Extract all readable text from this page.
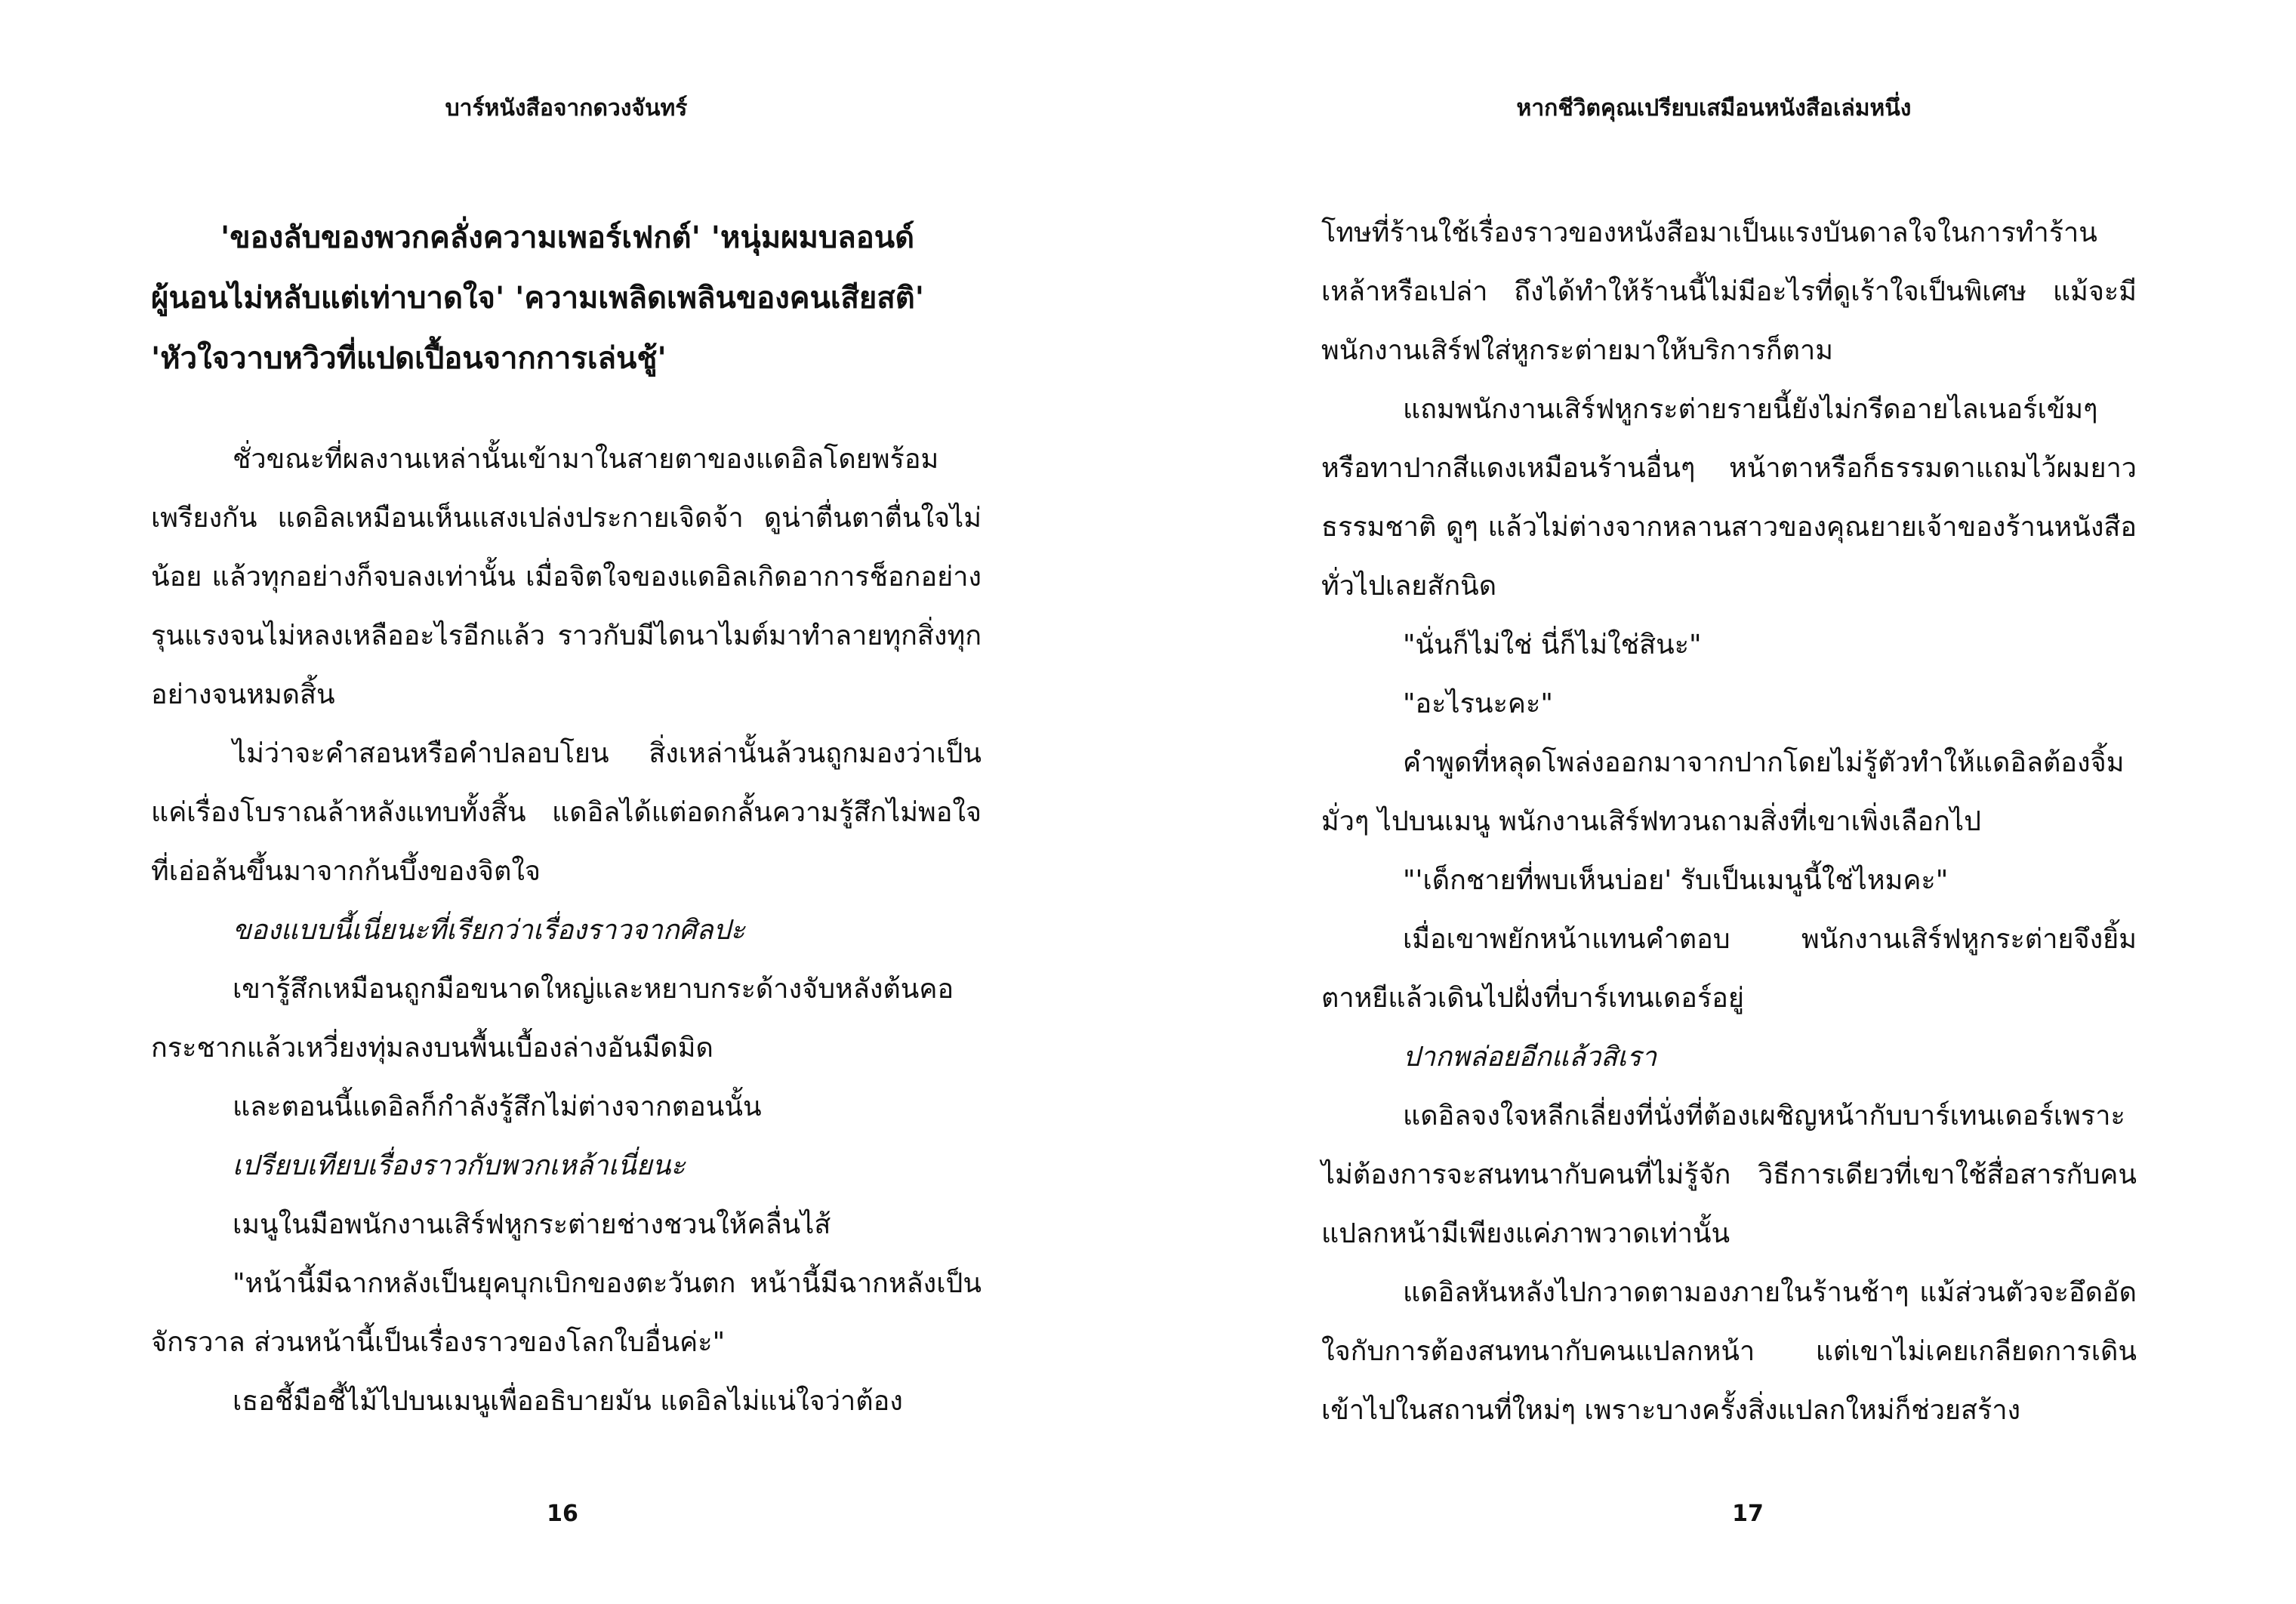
บาร์หนังสือจากดวงจันทร์

'ของลับของพวกคลั่งความเพอร์เฟกต์' 'หนุ่มผมบลอนด์
ผู้นอนไม่หลับแต่เท่าบาดใจ' 'ความเพลิดเพลินของคนเสียสติ'
'หัวใจวาบหวิวที่แปดเปื้อนจากการเล่นชู้'

ชั่วขณะที่ผลงานเหล่านั้นเข้ามาในสายตาของแดอิลโดยพร้อมเพรียงกัน แดอิลเหมือนเห็นแสงเปล่งประกายเจิดจ้า ดูน่าตื่นตาตื่นใจไม่น้อย แล้วทุกอย่างก็จบลงเท่านั้น เมื่อจิตใจของแดอิลเกิดอาการช็อกอย่างรุนแรงจนไม่หลงเหลืออะไรอีกแล้ว ราวกับมีไดนาไมต์มาทำลายทุกสิ่งทุกอย่างจนหมดสิ้น

ไม่ว่าจะคำสอนหรือคำปลอบโยน สิ่งเหล่านั้นล้วนถูกมองว่าเป็นแค่เรื่องโบราณล้าหลังแทบทั้งสิ้น แดอิลได้แต่อดกลั้นความรู้สึกไม่พอใจที่เอ่อล้นขึ้นมาจากก้นบึ้งของจิตใจ

ของแบบนี้เนี่ยนะที่เรียกว่าเรื่องราวจากศิลปะ

เขารู้สึกเหมือนถูกมือขนาดใหญ่และหยาบกระด้างจับหลังต้นคอกระชากแล้วเหวี่ยงทุ่มลงบนพื้นเบื้องล่างอันมืดมิด

และตอนนี้แดอิลก็กำลังรู้สึกไม่ต่างจากตอนนั้น

เปรียบเทียบเรื่องราวกับพวกเหล้าเนี่ยนะ

เมนูในมือพนักงานเสิร์ฟหูกระต่ายช่างชวนให้คลื่นไส้

"หน้านี้มีฉากหลังเป็นยุคบุกเบิกของตะวันตก หน้านี้มีฉากหลังเป็นจักรวาล ส่วนหน้านี้เป็นเรื่องราวของโลกใบอื่นค่ะ"

เธอชี้มือชี้ไม้ไปบนเมนูเพื่ออธิบายมัน แดอิลไม่แน่ใจว่าต้อง

16

หากชีวิตคุณเปรียบเสมือนหนังสือเล่มหนึ่ง

โทษที่ร้านใช้เรื่องราวของหนังสือมาเป็นแรงบันดาลใจในการทำร้านเหล้าหรือเปล่า ถึงได้ทำให้ร้านนี้ไม่มีอะไรที่ดูเร้าใจเป็นพิเศษ แม้จะมีพนักงานเสิร์ฟใส่หูกระต่ายมาให้บริการก็ตาม

แถมพนักงานเสิร์ฟหูกระต่ายรายนี้ยังไม่กรีดอายไลเนอร์เข้มๆ หรือทาปากสีแดงเหมือนร้านอื่นๆ หน้าตาหรือก็ธรรมดาแถมไว้ผมยาวธรรมชาติ ดูๆ แล้วไม่ต่างจากหลานสาวของคุณยายเจ้าของร้านหนังสือทั่วไปเลยสักนิด

"นั่นก็ไม่ใช่ นี่ก็ไม่ใช่สินะ"

"อะไรนะคะ"

คำพูดที่หลุดโพล่งออกมาจากปากโดยไม่รู้ตัวทำให้แดอิลต้องจิ้มมั่วๆ ไปบนเมนู พนักงานเสิร์ฟทวนถามสิ่งที่เขาเพิ่งเลือกไป

"'เด็กชายที่พบเห็นบ่อย' รับเป็นเมนูนี้ใช่ไหมคะ"

เมื่อเขาพยักหน้าแทนคำตอบ พนักงานเสิร์ฟหูกระต่ายจึงยิ้มตาหยีแล้วเดินไปฝั่งที่บาร์เทนเดอร์อยู่

ปากพล่อยอีกแล้วสิเรา

แดอิลจงใจหลีกเลี่ยงที่นั่งที่ต้องเผชิญหน้ากับบาร์เทนเดอร์เพราะไม่ต้องการจะสนทนากับคนที่ไม่รู้จัก วิธีการเดียวที่เขาใช้สื่อสารกับคนแปลกหน้ามีเพียงแค่ภาพวาดเท่านั้น

แดอิลหันหลังไปกวาดตามองภายในร้านช้าๆ แม้ส่วนตัวจะอึดอัดใจกับการต้องสนทนากับคนแปลกหน้า แต่เขาไม่เคยเกลียดการเดินเข้าไปในสถานที่ใหม่ๆ เพราะบางครั้งสิ่งแปลกใหม่ก็ช่วยสร้าง

17
